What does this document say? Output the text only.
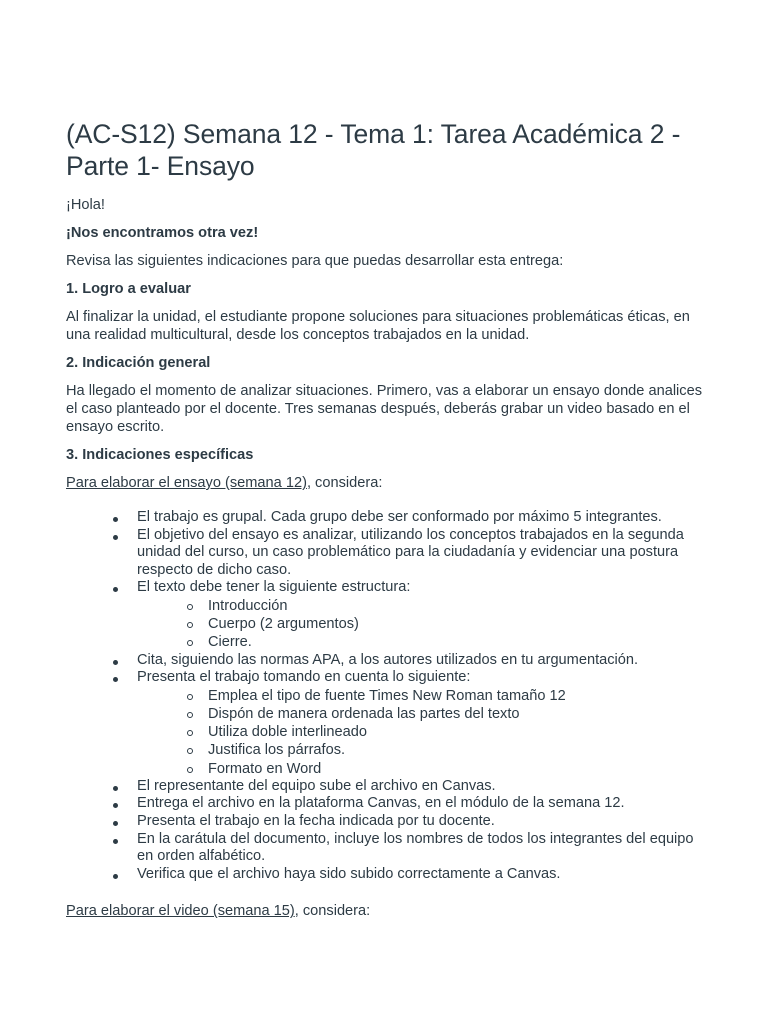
(AC-S12) Semana 12 - Tema 1: Tarea Académica 2 - Parte 1- Ensayo

¡Hola!

¡Nos encontramos otra vez!

Revisa las siguientes indicaciones para que puedas desarrollar esta entrega:

1. Logro a evaluar

Al finalizar la unidad, el estudiante propone soluciones para situaciones problemáticas éticas, en una realidad multicultural, desde los conceptos trabajados en la unidad.

2. Indicación general

Ha llegado el momento de analizar situaciones. Primero, vas a elaborar un ensayo donde analices el caso planteado por el docente. Tres semanas después, deberás grabar un video basado en el ensayo escrito.

3. Indicaciones específicas

Para elaborar el ensayo (semana 12), considera:

El trabajo es grupal. Cada grupo debe ser conformado por máximo 5 integrantes.
El objetivo del ensayo es analizar, utilizando los conceptos trabajados en la segunda unidad del curso, un caso problemático para la ciudadanía y evidenciar una postura respecto de dicho caso.
El texto debe tener la siguiente estructura:
Introducción
Cuerpo (2 argumentos)
Cierre.
Cita, siguiendo las normas APA, a los autores utilizados en tu argumentación.
Presenta el trabajo tomando en cuenta lo siguiente:
Emplea el tipo de fuente Times New Roman tamaño 12
Dispón de manera ordenada las partes del texto
Utiliza doble interlineado
Justifica los párrafos.
Formato en Word
El representante del equipo sube el archivo en Canvas.
Entrega el archivo en la plataforma Canvas, en el módulo de la semana 12.
Presenta el trabajo en la fecha indicada por tu docente.
En la carátula del documento, incluye los nombres de todos los integrantes del equipo en orden alfabético.
Verifica que el archivo haya sido subido correctamente a Canvas.

Para elaborar el video (semana 15), considera:
